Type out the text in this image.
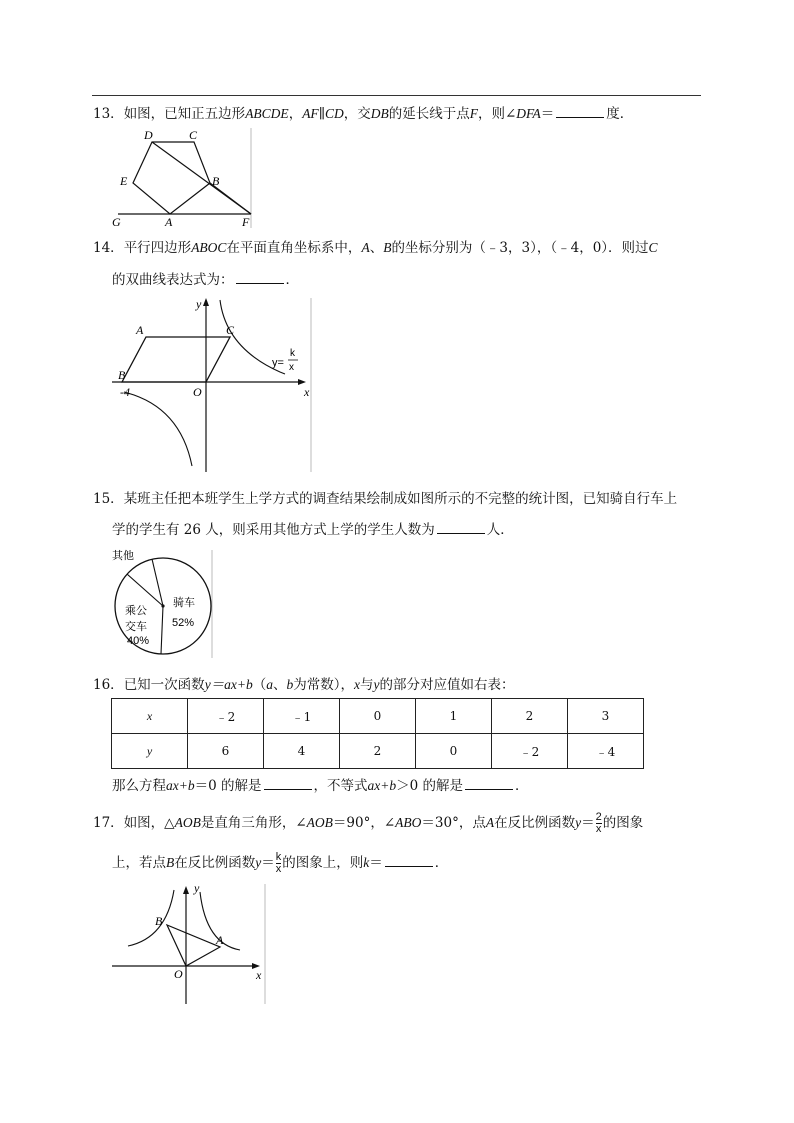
13．如图，已知正五边形ABCDE，AF∥CD，交DB的延长线于点F，则∠DFA＝	度．
D	C
E	B
G	A	F
14．平行四边形ABOC在平面直角坐标系中，A、B的坐标分别为（﹣3，3），（﹣4，0）．则过C
的双曲线表达式为：	．
y
x
A
B
C
O
-4
y=
k
x
15．某班主任把本班学生上学方式的调查结果绘制成如图所示的不完整的统计图，已知骑自行车上
学的学生有 26 人，则采用其他方式上学的学生人数为	人．
其他
骑车
52%
乘公
交车
40%
16．已知一次函数y＝ax+b（a、b为常数），x与y的部分对应值如右表：
x	﹣2	﹣1	0	1	2	3
y	6	4	2	0	﹣2	﹣4
那么方程ax+b＝0 的解是	，不等式ax+b＞0 的解是	．
17．如图，△AOB是直角三角形，∠AOB＝90°，∠ABO＝30°，点A在反比例函数$y= \frac{2}{x}$ 的图象
上，若点B在反比例函数$y= \frac{k}{x}$ 的图象上，则k＝	．
B
A
O
y
x
